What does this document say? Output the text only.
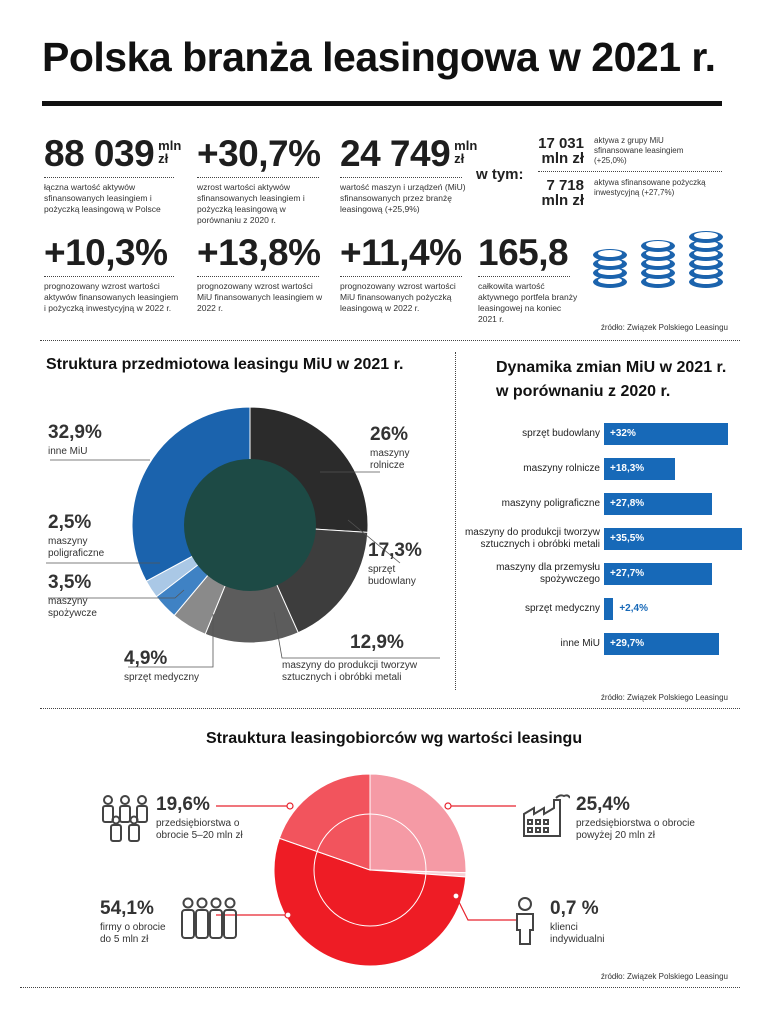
Polska branża leasingowa w 2021 r.
88 039 mln zł
łączna wartość aktywów sfinansowanych leasingiem i pożyczką leasingową w Polsce
+30,7%
wzrost wartości aktywów sfinansowanych leasingiem i pożyczką leasingową w porównaniu z 2020 r.
24 749 mln zł
wartość maszyn i urządzeń (MiU) sfinansowanych przez branżę leasingową (+25,9%)
w tym:
17 031
mln zł
aktywa z grupy MiU sfinansowane leasingiem (+25,0%)
7 718
mln zł
aktywa sfinansowane pożyczką inwestycyjną (+27,7%)
+10,3%
prognozowany wzrost wartości aktywów finansowanych leasingiem i pożyczką inwestycyjną w 2022 r.
+13,8%
prognozowany wzrost wartości MiU finansowanych leasingiem w 2022 r.
+11,4%
prognozowany wzrost wartości MiU finansowanych pożyczką leasingową w 2022 r.
165,8
całkowita wartość aktywnego portfela branży leasingowej na koniec 2021 r.
źródło: Związek Polskiego Leasingu
Struktura przedmiotowa leasingu MiU w 2021 r.
32,9%
inne MiU
26%
maszyny rolnicze
2,5%
maszyny poligraficzne	17,3%
sprzęt budowlany
3,5%
maszyny spożywcze
12,9%
maszyny do produkcji tworzyw sztucznych i obróbki metali
4,9%
sprzęt medyczny
Dynamika zmian MiU w 2021 r. w porównaniu z 2020 r.
sprzęt budowlany +32%
maszyny rolnicze +18,3%
maszyny poligraficzne +27,8%
maszyny do produkcji tworzyw
sztucznych i obróbki metali
+35,5%
maszyny dla przemysłu
spożywczego
+27,7%
sprzęt medyczny +2,4%
inne MiU +29,7%
źródło: Związek Polskiego Leasingu
Strauktura leasingobiorców wg wartości leasingu
19,6%
przedsiębiorstwa o obrocie 5–20 mln zł
25,4%
przedsiębiorstwa o obrocie powyżej 20 mln zł
54,1%
firmy o obrocie do 5 mln zł
0,7 %
klienci indywidualni
źródło: Związek Polskiego Leasingu
